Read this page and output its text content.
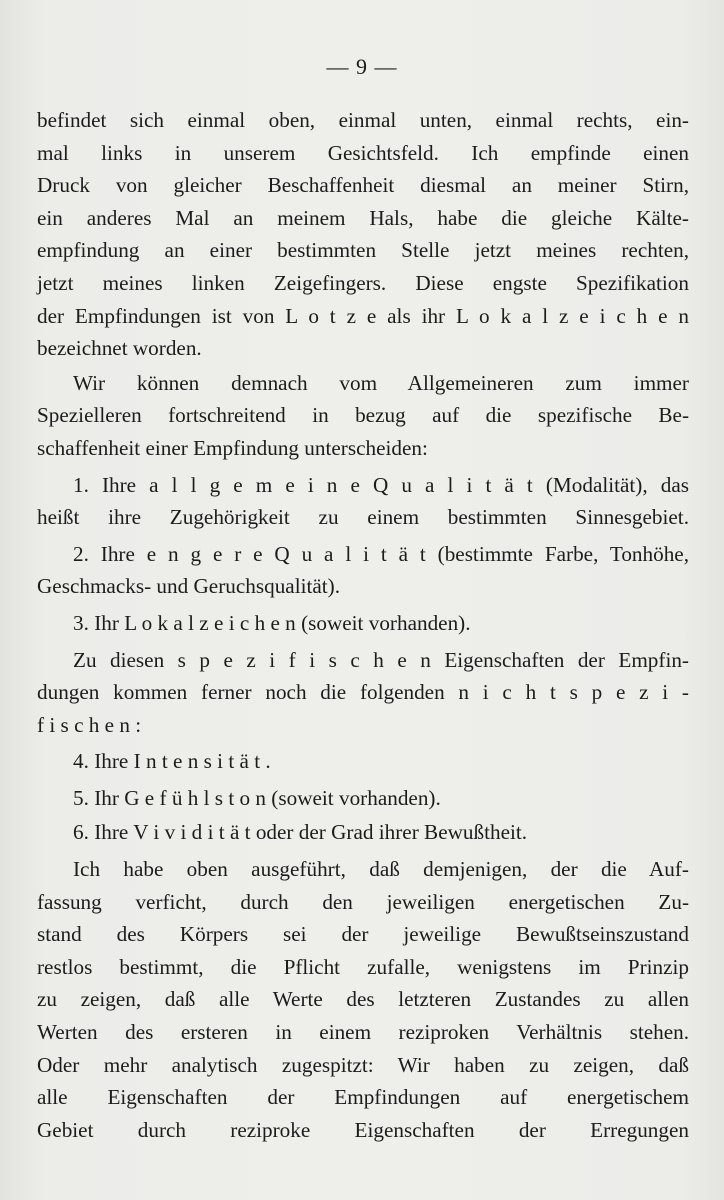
— 9 —
befindet sich einmal oben, einmal unten, einmal rechts, ein-
mal links in unserem Gesichtsfeld. Ich empfinde einen
Druck von gleicher Beschaffenheit diesmal an meiner Stirn,
ein anderes Mal an meinem Hals, habe die gleiche Kälte-
empfindung an einer bestimmten Stelle jetzt meines rechten,
jetzt meines linken Zeigefingers. Diese engste Spezifikation
der Empfindungen ist von L o t z e als ihr L o k a l z e i c h e n
bezeichnet worden.
Wir können demnach vom Allgemeineren zum immer
Spezielleren fortschreitend in bezug auf die spezifische Be-
schaffenheit einer Empfindung unterscheiden:
1. Ihre a l l g e m e i n e Q u a l i t ä t (Modalität), das
heißt ihre Zugehörigkeit zu einem bestimmten Sinnesgebiet.
2. Ihre e n g e r e Q u a l i t ä t (bestimmte Farbe, Tonhöhe,
Geschmacks- und Geruchsqualität).
3. Ihr L o k a l z e i c h e n (soweit vorhanden).
Zu diesen s p e z i f i s c h e n Eigenschaften der Empfin-
dungen kommen ferner noch die folgenden n i c h t s p e z i -
f i s c h e n :
4. Ihre I n t e n s i t ä t .
5. Ihr G e f ü h l s t o n (soweit vorhanden).
6. Ihre V i v i d i t ä t oder der Grad ihrer Bewußtheit.
Ich habe oben ausgeführt, daß demjenigen, der die Auf-
fassung verficht, durch den jeweiligen energetischen Zu-
stand des Körpers sei der jeweilige Bewußtseinszustand
restlos bestimmt, die Pflicht zufalle, wenigstens im Prinzip
zu zeigen, daß alle Werte des letzteren Zustandes zu allen
Werten des ersteren in einem reziproken Verhältnis stehen.
Oder mehr analytisch zugespitzt: Wir haben zu zeigen, daß
alle Eigenschaften der Empfindungen auf energetischem
Gebiet durch reziproke Eigenschaften der Erregungen
